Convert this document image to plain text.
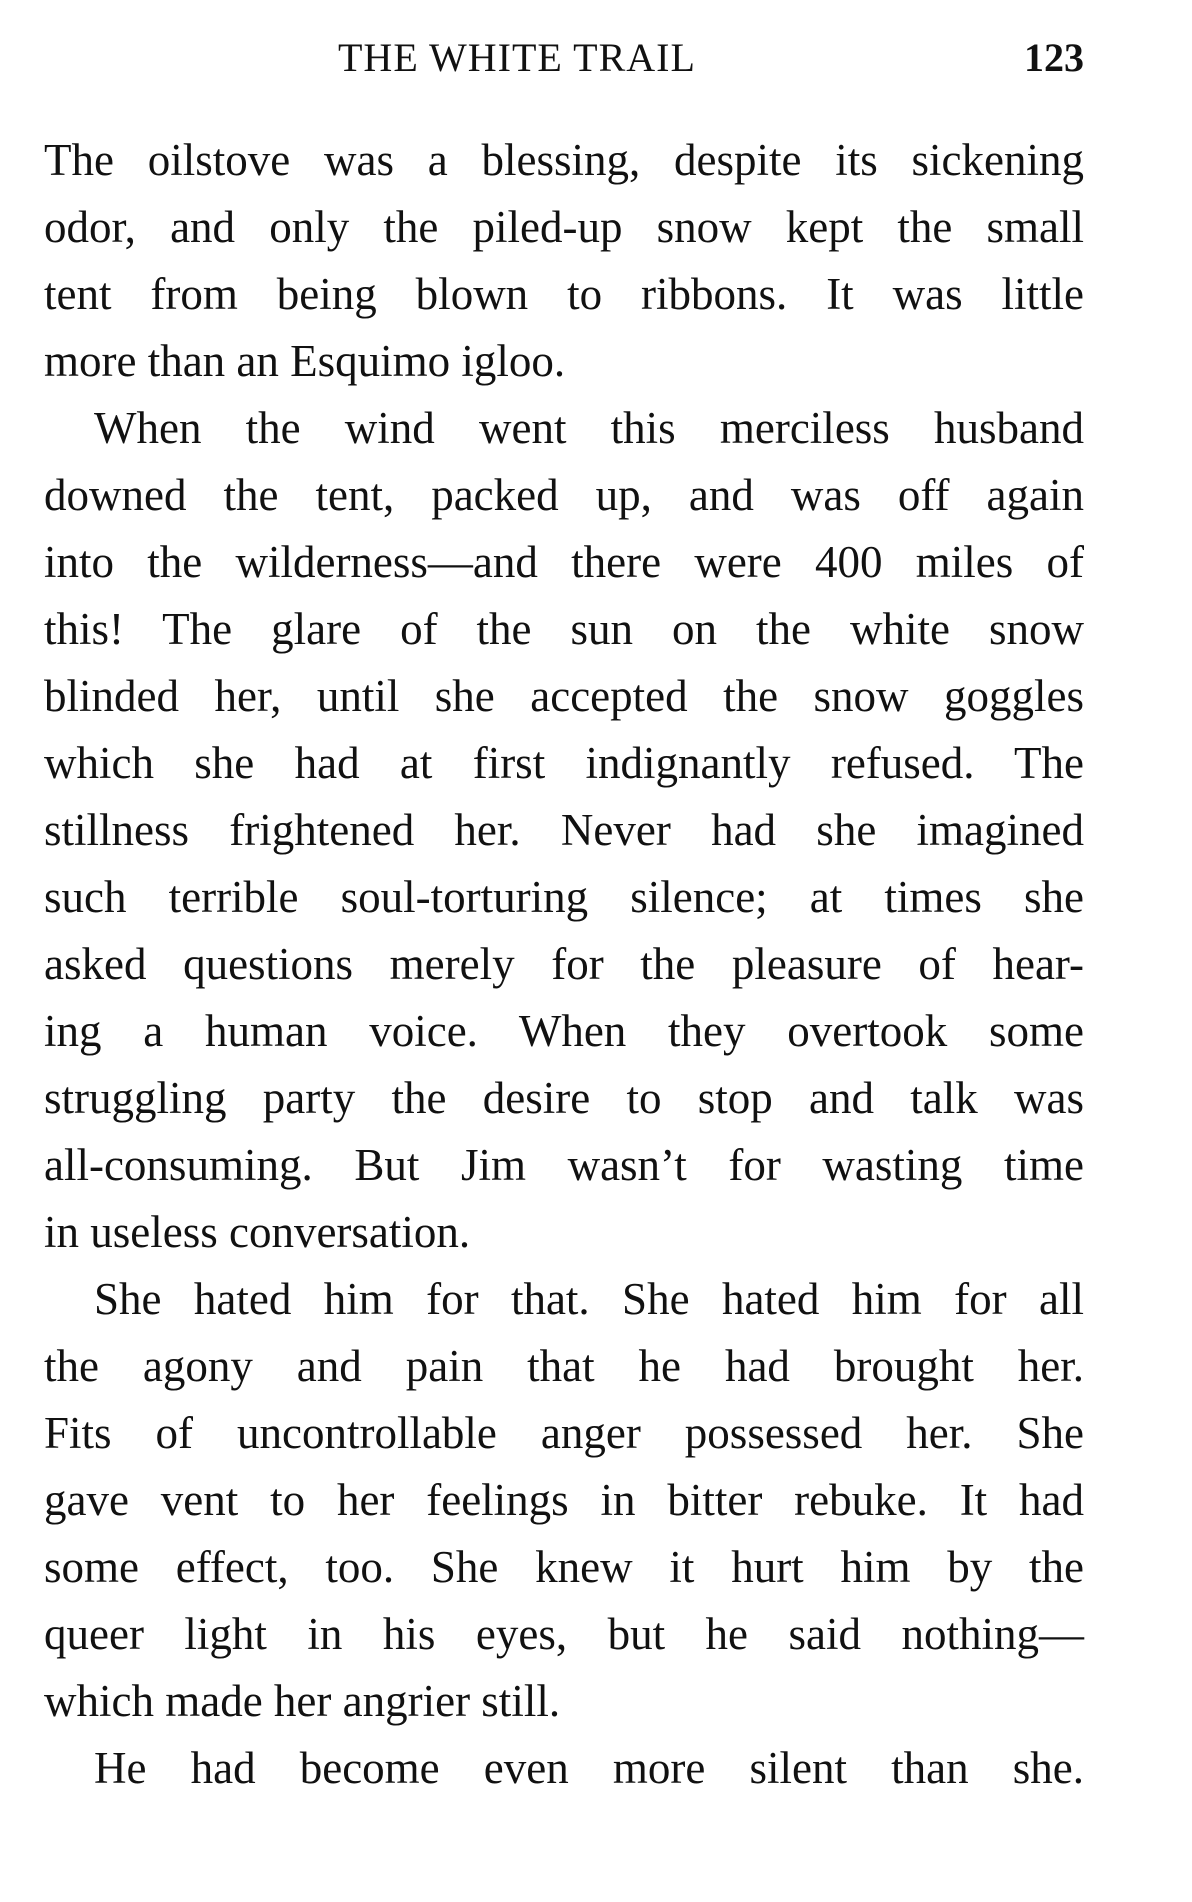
THE WHITE TRAIL	123
The oilstove was a blessing, despite its sickening
odor, and only the piled-up snow kept the small
tent from being blown to ribbons. It was little
more than an Esquimo igloo.
When the wind went this merciless husband
downed the tent, packed up, and was off again
into the wilderness—and there were 400 miles of
this! The glare of the sun on the white snow
blinded her, until she accepted the snow goggles
which she had at first indignantly refused. The
stillness frightened her. Never had she imagined
such terrible soul-torturing silence; at times she
asked questions merely for the pleasure of hear-
ing a human voice. When they overtook some
struggling party the desire to stop and talk was
all-consuming. But Jim wasn’t for wasting time
in useless conversation.
She hated him for that. She hated him for all
the agony and pain that he had brought her.
Fits of uncontrollable anger possessed her. She
gave vent to her feelings in bitter rebuke. It had
some effect, too. She knew it hurt him by the
queer light in his eyes, but he said nothing—
which made her angrier still.
He had become even more silent than she.
